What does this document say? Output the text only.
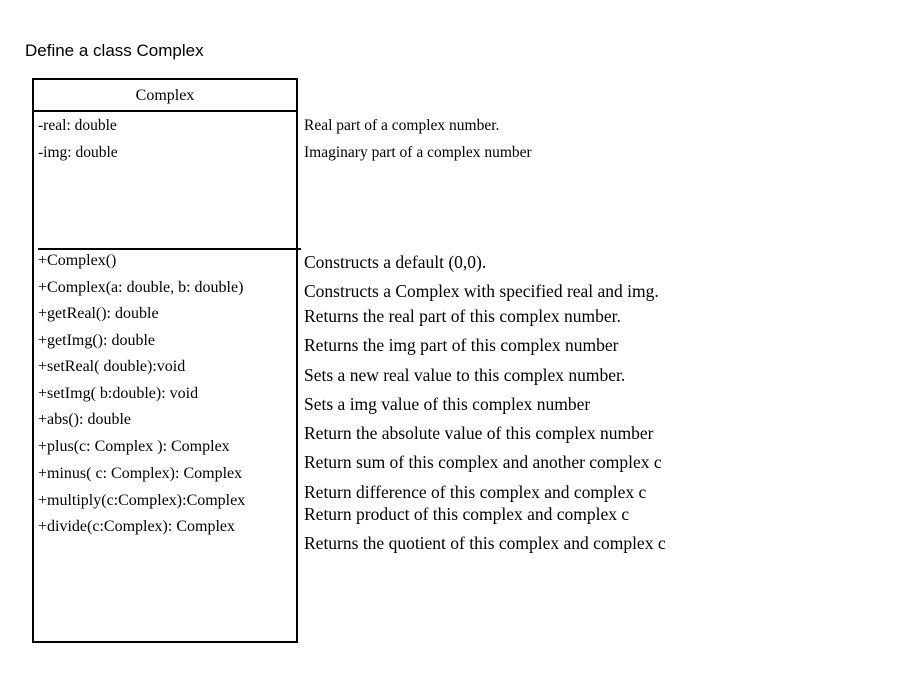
Define a class Complex
Complex
-real: double
-img: double
Real part of a complex number.
Imaginary part of a complex number
+Complex()
+Complex(a: double, b: double)
+getReal(): double
+getImg(): double
+setReal( double):void
+setImg( b:double): void
+abs(): double
+plus(c: Complex ): Complex
+minus( c: Complex): Complex
+multiply(c:Complex):Complex
+divide(c:Complex): Complex
Constructs a default (0,0).
Constructs a Complex with specified real and img.
Returns the real part of this complex number.
Returns the img part of this complex number
Sets a new real value to this complex number.
Sets a img value of this complex number
Return the absolute value of this complex number
Return sum of this complex and another complex c
Return difference of this complex and complex c
Return product of this complex and complex c
Returns the quotient of this complex and complex c
